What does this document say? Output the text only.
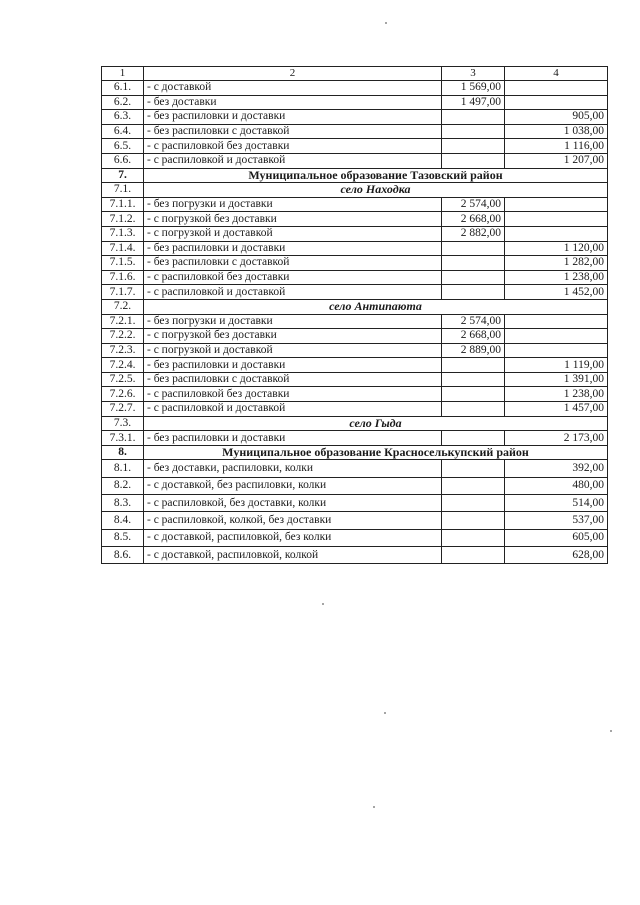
1	2	3	4
6.1.	- с доставкой	1 569,00	
6.2.	- без доставки	1 497,00	
6.3.	- без распиловки и доставки		905,00
6.4.	- без распиловки с доставкой		1 038,00
6.5.	- с распиловкой без доставки		1 116,00
6.6.	- с распиловкой и доставкой		1 207,00
7.	Муниципальное образование Тазовский район		
7.1.	село Находка		
7.1.1.	- без погрузки и доставки	2 574,00	
7.1.2.	- с погрузкой без доставки	2 668,00	
7.1.3.	- с погрузкой и доставкой	2 882,00	
7.1.4.	- без распиловки и доставки		1 120,00
7.1.5.	- без распиловки с доставкой		1 282,00
7.1.6.	- с распиловкой без доставки		1 238,00
7.1.7.	- с распиловкой и доставкой		1 452,00
7.2.	село Антипаюта		
7.2.1.	- без погрузки и доставки	2 574,00	
7.2.2.	- с погрузкой без доставки	2 668,00	
7.2.3.	- с погрузкой и доставкой	2 889,00	
7.2.4.	- без распиловки и доставки		1 119,00
7.2.5.	- без распиловки с доставкой		1 391,00
7.2.6.	- с распиловкой без доставки		1 238,00
7.2.7.	- с распиловкой и доставкой		1 457,00
7.3.	село Гыда		
7.3.1.	- без распиловки и доставки		2 173,00
8.	Муниципальное образование Красноселькупский район		
8.1.	- без доставки, распиловки, колки		392,00
8.2.	- с доставкой, без распиловки, колки		480,00
8.3.	- с распиловкой, без доставки, колки		514,00
8.4.	- с распиловкой, колкой, без доставки		537,00
8.5.	- с доставкой, распиловкой, без колки		605,00
8.6.	- с доставкой, распиловкой, колкой		628,00
